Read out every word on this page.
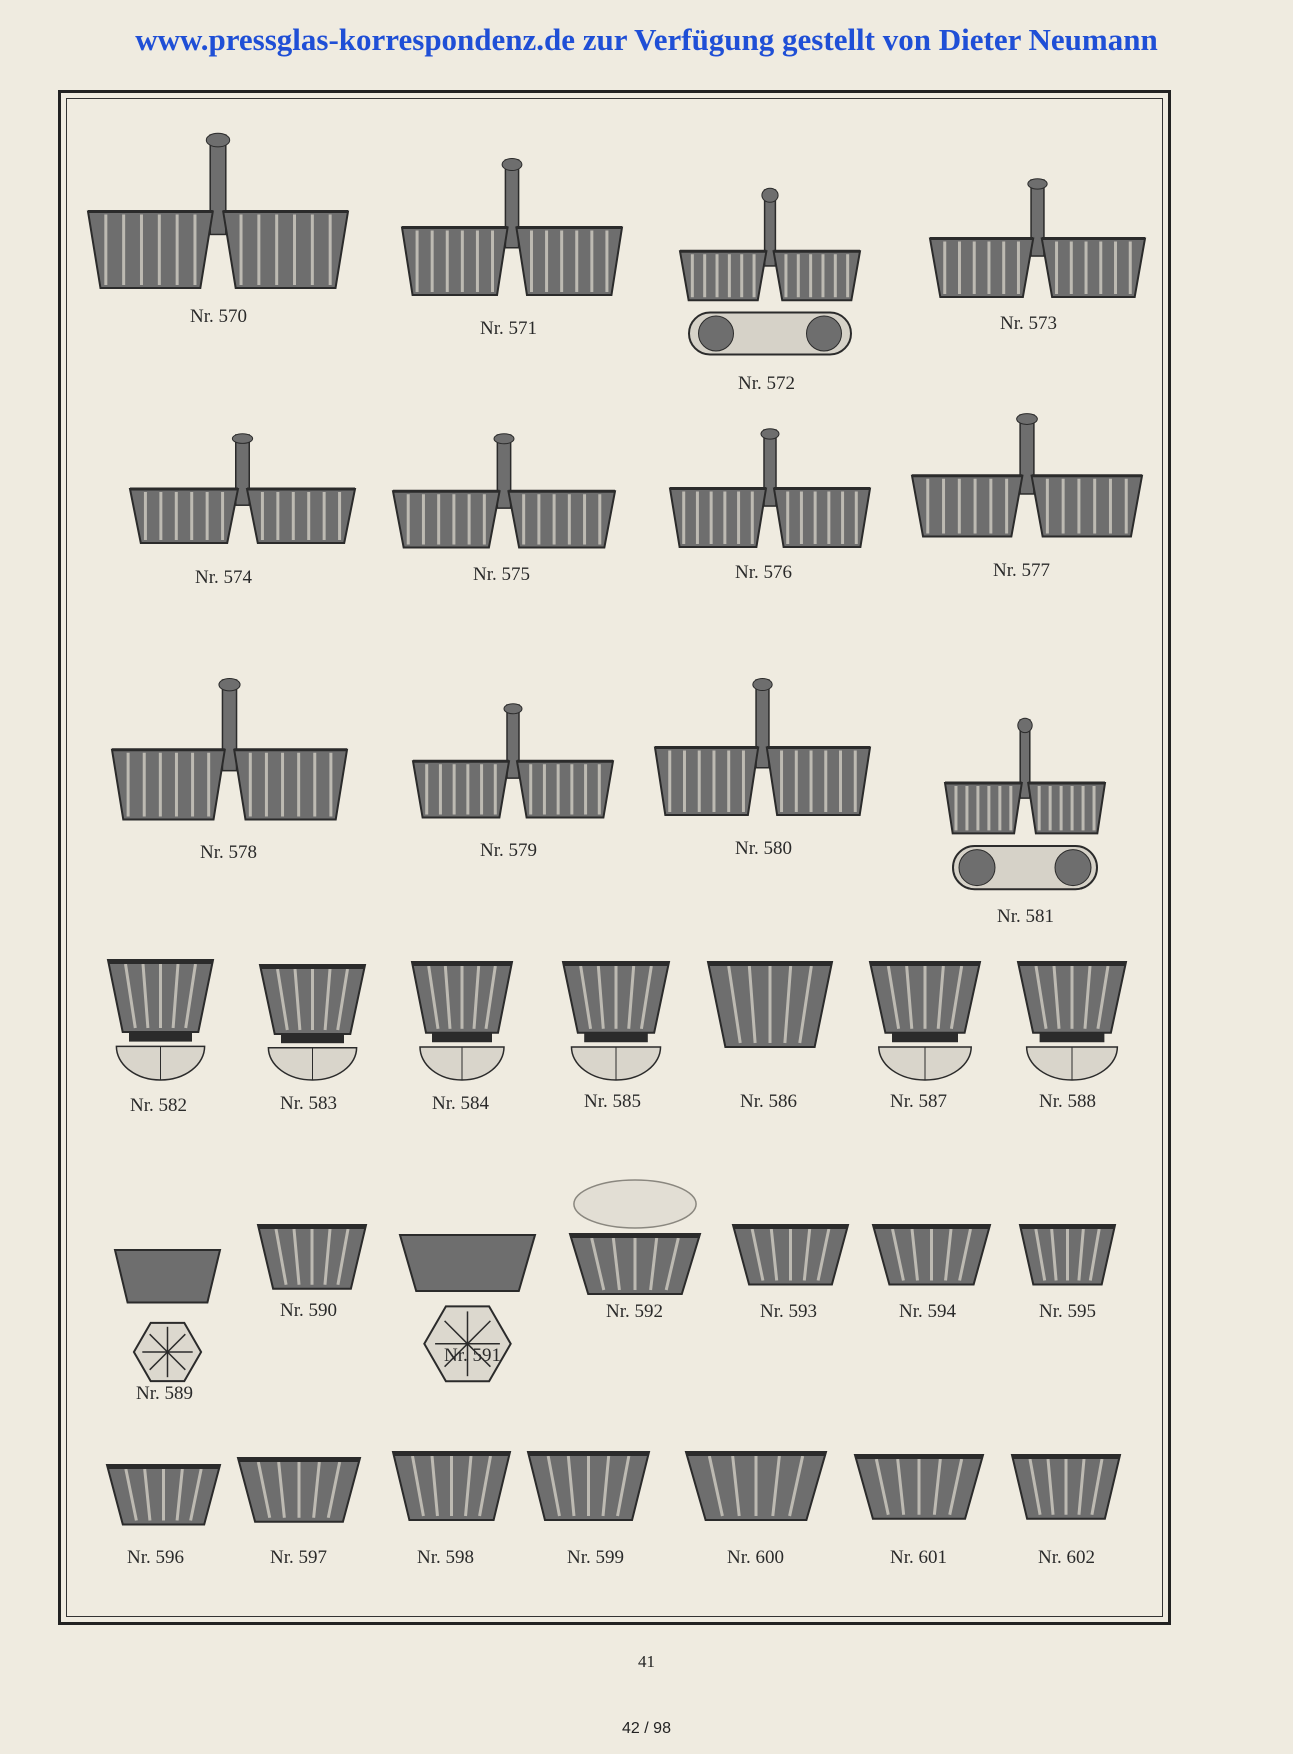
www.pressglas-korrespondenz.de zur Verfügung gestellt von Dieter Neumann
Nr. 570
Nr. 571
Nr. 572
Nr. 573
Nr. 574	Nr. 575	Nr. 576	Nr. 577
Nr. 578	Nr. 579	Nr. 580
Nr. 581
Nr. 582	Nr. 583	Nr. 584	Nr. 585	Nr. 586	Nr. 587	Nr. 588
Nr. 589
Nr. 590
Nr. 591
Nr. 592	Nr. 593	Nr. 594	Nr. 595
Nr. 596	Nr. 597	Nr. 598	Nr. 599	Nr. 600	Nr. 601	Nr. 602
41
42 / 98
